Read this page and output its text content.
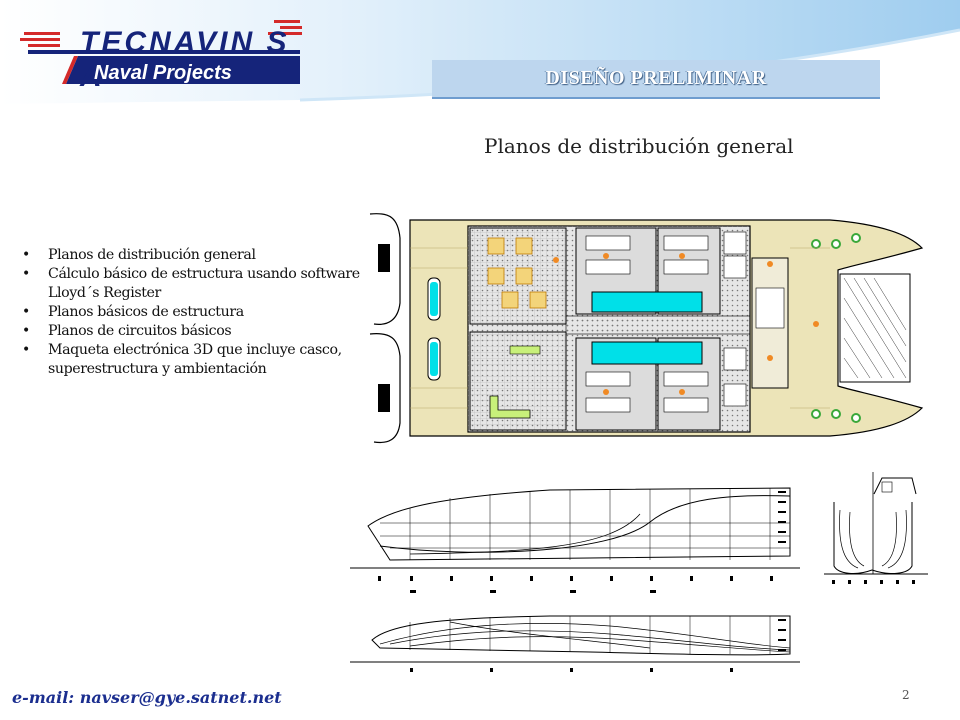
TECNAVIN S A
Naval Projects	DISEÑO PRELIMINAR
Planos de distribución general
• Planos de distribución general
• Cálculo básico de estructura usando software Lloyd´s Register
• Planos básicos de estructura
• Planos de circuitos básicos
• Maqueta electrónica 3D que incluye casco, superestructura y ambientación
e-mail: navser@gye.satnet.net	2
